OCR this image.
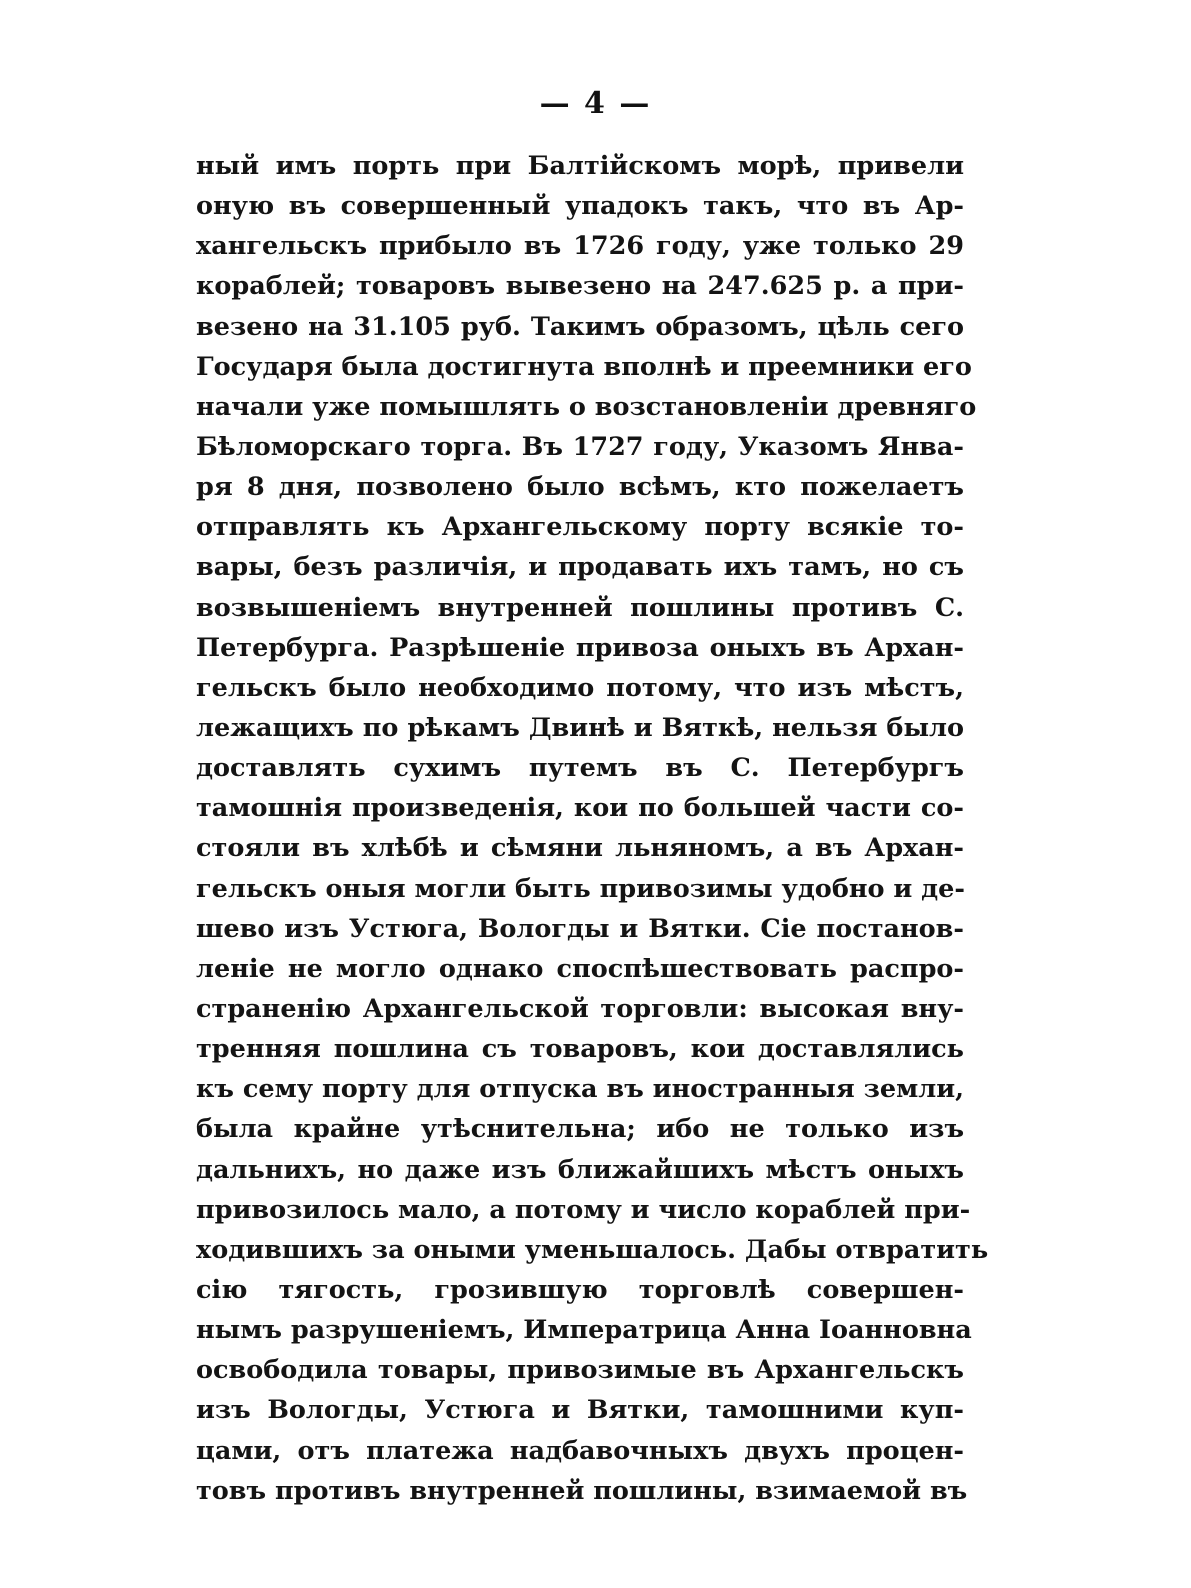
— 4 —
ный имъ порть при Балтійскомъ морѣ, привели
оную въ совершенный упадокъ такъ, что въ Ар-
хангельскъ прибыло въ 1726 году, уже только 29
кораблей; товаровъ вывезено на 247.625 р. а при-
везено на 31.105 руб. Такимъ образомъ, цѣль сего
Государя была достигнута вполнѣ и преемники его
начали уже помышлять о возстановленіи древняго
Бѣломорскаго торга. Въ 1727 году, Указомъ Янва-
ря 8 дня, позволено было всѣмъ, кто пожелаетъ
отправлять къ Архангельскому порту всякіе то-
вары, безъ различія, и продавать ихъ тамъ, но съ
возвышеніемъ внутренней пошлины противъ С.
Петербурга. Разрѣшеніе привоза оныхъ въ Архан-
гельскъ было необходимо потому, что изъ мѣстъ,
лежащихъ по рѣкамъ Двинѣ и Вяткѣ, нельзя было
доставлять сухимъ путемъ въ С. Петербургъ
тамошнія произведенія, кои по большей части со-
стояли въ хлѣбѣ и сѣмяни льняномъ, а въ Архан-
гельскъ оныя могли быть привозимы удобно и де-
шево изъ Устюга, Вологды и Вятки. Сіе постанов-
леніе не могло однако споспѣшествовать распро-
страненію Архангельской торговли: высокая вну-
тренняя пошлина съ товаровъ, кои доставлялись
къ сему порту для отпуска въ иностранныя земли,
была крайне утѣснительна; ибо не только изъ
дальнихъ, но даже изъ ближайшихъ мѣстъ оныхъ
привозилось мало, а потому и число кораблей при-
ходившихъ за оными уменьшалось. Дабы отвратить
сію тягость, грозившую торговлѣ совершен-
нымъ разрушеніемъ, Императрица Анна Іоанновна
освободила товары, привозимые въ Архангельскъ
изъ Вологды, Устюга и Вятки, тамошними куп-
цами, отъ платежа надбавочныхъ двухъ процен-
товъ противъ внутренней пошлины, взимаемой въ
